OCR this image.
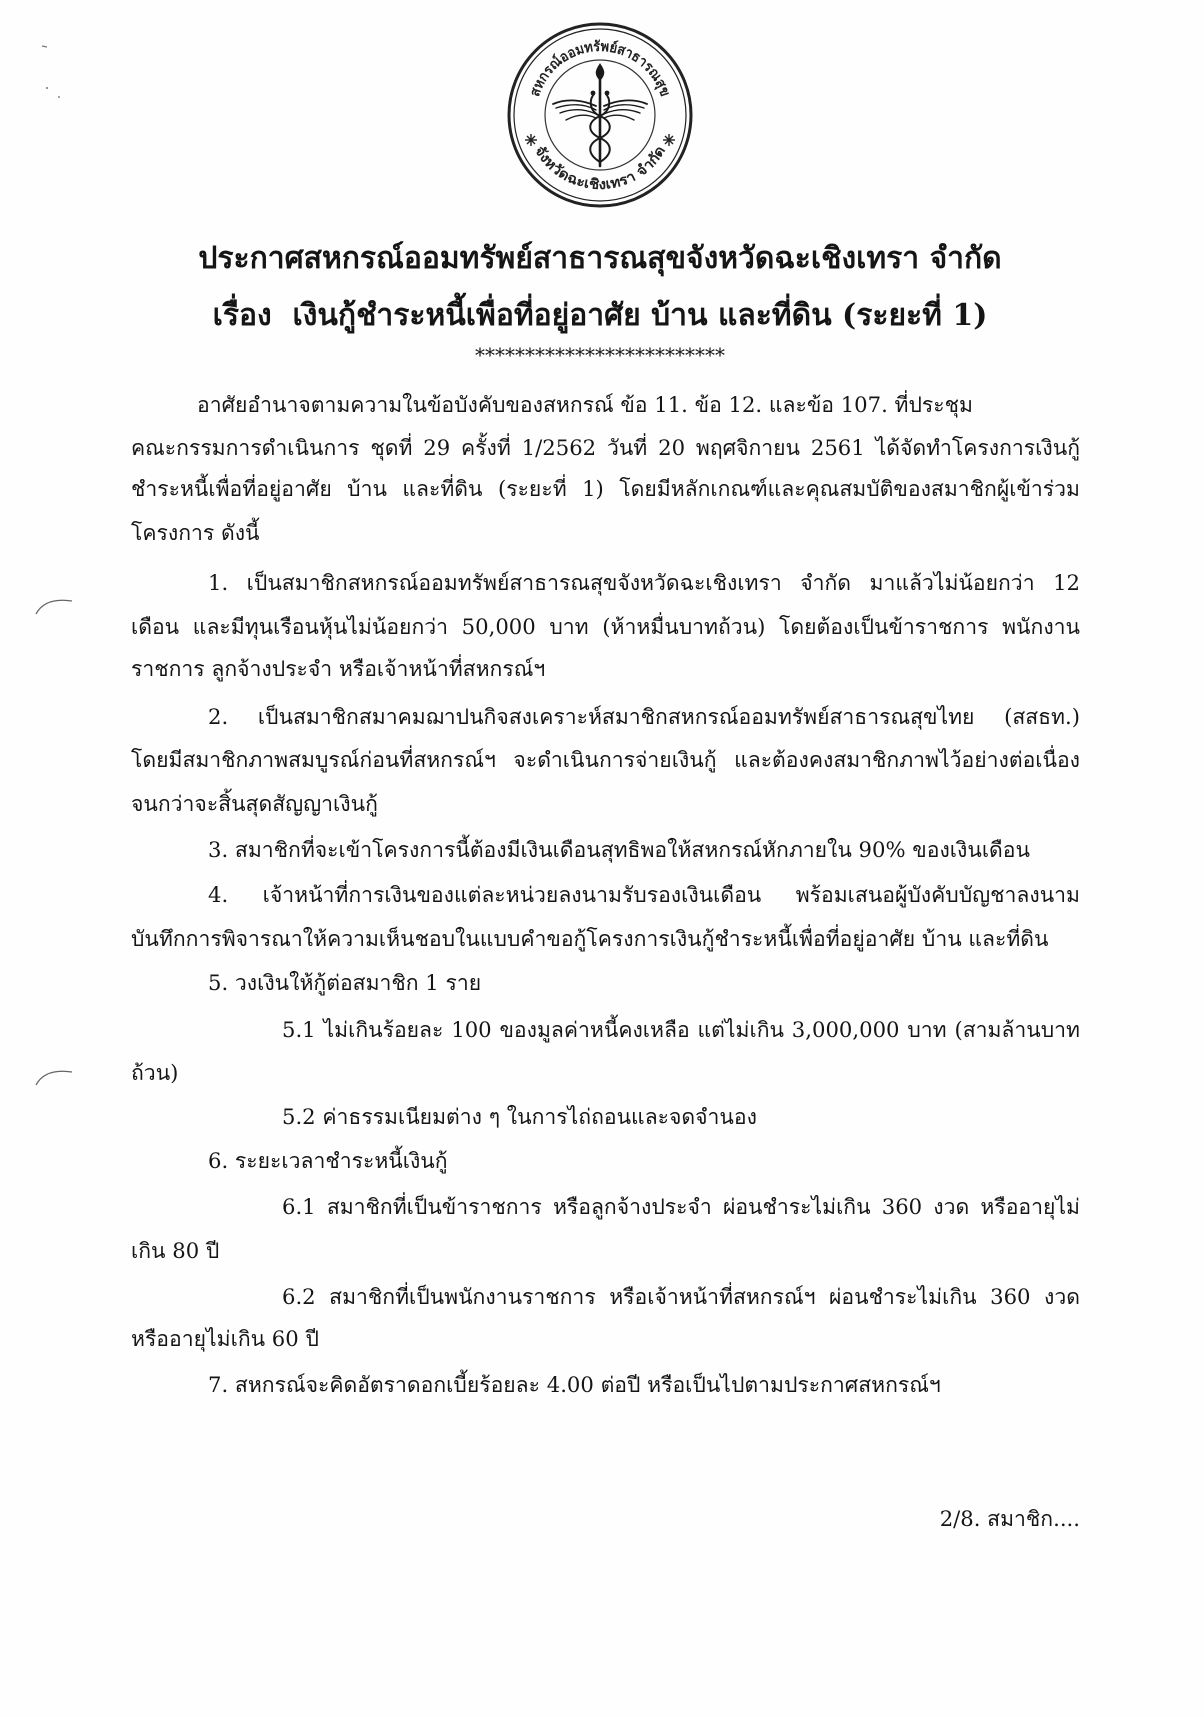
สหกรณ์ออมทรัพย์สาธารณสุข
จังหวัดฉะเชิงเทรา จำกัด
ประกาศสหกรณ์ออมทรัพย์สาธารณสุขจังหวัดฉะเชิงเทรา จำกัด
เรื่อง  เงินกู้ชำระหนี้เพื่อที่อยู่อาศัย บ้าน และที่ดิน (ระยะที่ 1)
*************************
อาศัยอำนาจตามความในข้อบังคับของสหกรณ์ ข้อ 11. ข้อ 12. และข้อ 107. ที่ประชุม
คณะกรรมการดำเนินการ ชุดที่ 29 ครั้งที่ 1/2562 วันที่ 20 พฤศจิกายน 2561 ได้จัดทำโครงการเงินกู้
ชำระหนี้เพื่อที่อยู่อาศัย บ้าน และที่ดิน (ระยะที่ 1) โดยมีหลักเกณฑ์และคุณสมบัติของสมาชิกผู้เข้าร่วม
โครงการ ดังนี้
1. เป็นสมาชิกสหกรณ์ออมทรัพย์สาธารณสุขจังหวัดฉะเชิงเทรา จำกัด มาแล้วไม่น้อยกว่า 12
เดือน และมีทุนเรือนหุ้นไม่น้อยกว่า 50,000 บาท (ห้าหมื่นบาทถ้วน) โดยต้องเป็นข้าราชการ พนักงาน
ราชการ ลูกจ้างประจำ หรือเจ้าหน้าที่สหกรณ์ฯ
2. เป็นสมาชิกสมาคมฌาปนกิจสงเคราะห์สมาชิกสหกรณ์ออมทรัพย์สาธารณสุขไทย (สสธท.)
โดยมีสมาชิกภาพสมบูรณ์ก่อนที่สหกรณ์ฯ จะดำเนินการจ่ายเงินกู้ และต้องคงสมาชิกภาพไว้อย่างต่อเนื่อง
จนกว่าจะสิ้นสุดสัญญาเงินกู้
3. สมาชิกที่จะเข้าโครงการนี้ต้องมีเงินเดือนสุทธิพอให้สหกรณ์หักภายใน 90% ของเงินเดือน
4. เจ้าหน้าที่การเงินของแต่ละหน่วยลงนามรับรองเงินเดือน พร้อมเสนอผู้บังคับบัญชาลงนาม
บันทึกการพิจารณาให้ความเห็นชอบในแบบคำขอกู้โครงการเงินกู้ชำระหนี้เพื่อที่อยู่อาศัย บ้าน และที่ดิน
5. วงเงินให้กู้ต่อสมาชิก 1 ราย
5.1 ไม่เกินร้อยละ 100 ของมูลค่าหนี้คงเหลือ แต่ไม่เกิน 3,000,000 บาท (สามล้านบาท
ถ้วน)
5.2 ค่าธรรมเนียมต่าง ๆ ในการไถ่ถอนและจดจำนอง
6. ระยะเวลาชำระหนี้เงินกู้
6.1 สมาชิกที่เป็นข้าราชการ หรือลูกจ้างประจำ ผ่อนชำระไม่เกิน 360 งวด หรืออายุไม่
เกิน 80 ปี
6.2 สมาชิกที่เป็นพนักงานราชการ หรือเจ้าหน้าที่สหกรณ์ฯ ผ่อนชำระไม่เกิน 360 งวด
หรืออายุไม่เกิน 60 ปี
7. สหกรณ์จะคิดอัตราดอกเบี้ยร้อยละ 4.00 ต่อปี หรือเป็นไปตามประกาศสหกรณ์ฯ
2/8. สมาชิก....
